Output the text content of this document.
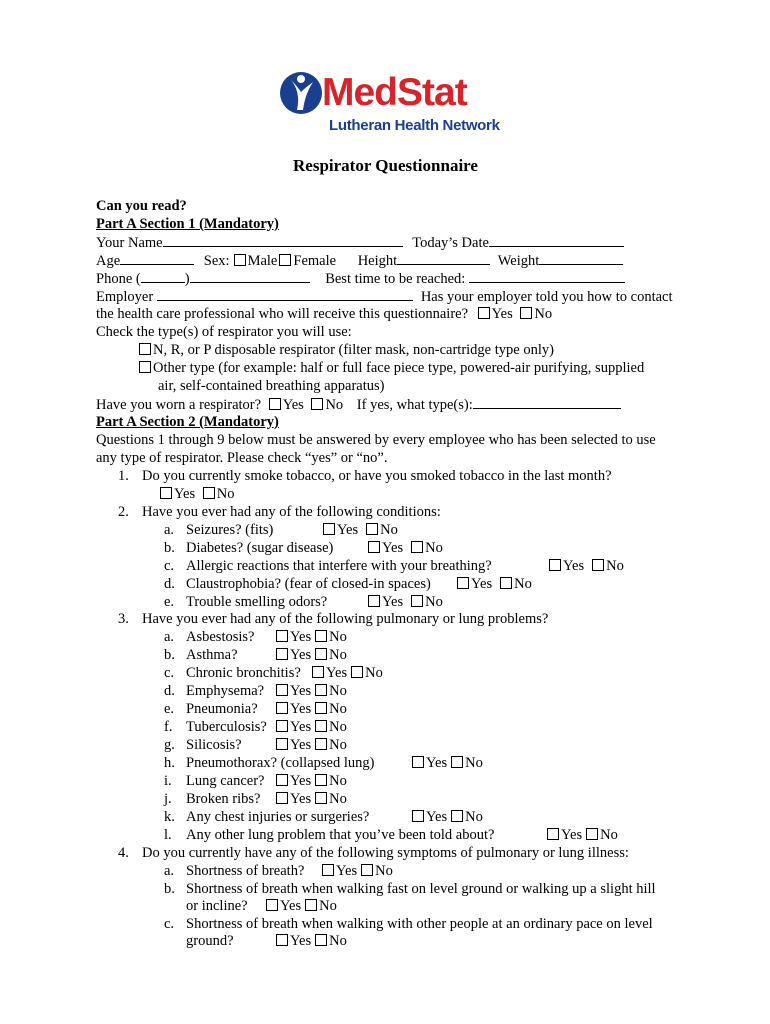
MedStat
Lutheran Health Network
Respirator Questionnaire
Can you read?
Part A Section 1 (Mandatory)
Your Name	Today’s Date
Age	Sex: Male Female Height	Weight
Phone (	)	Best time to be reached:
Employer	Has your employer told you how to contact
the health care professional who will receive this questionnaire? Yes No
Check the type(s) of respirator you will use:
N, R, or P disposable respirator (filter mask, non-cartridge type only)
Other type (for example: half or full face piece type, powered-air purifying, supplied
air, self-contained breathing apparatus)
Have you worn a respirator? Yes No If yes, what type(s):
Part A Section 2 (Mandatory)
Questions 1 through 9 below must be answered by every employee who has been selected to use
any type of respirator. Please check “yes” or “no”.
1. Do you currently smoke tobacco, or have you smoked tobacco in the last month?
Yes No
2. Have you ever had any of the following conditions:
a. Seizures? (fits)	Yes No
b. Diabetes? (sugar disease)	Yes No
c. Allergic reactions that interfere with your breathing?	Yes No
d. Claustrophobia? (fear of closed-in spaces)	Yes No
e. Trouble smelling odors?	Yes No
3. Have you ever had any of the following pulmonary or lung problems?
a. Asbestosis?	Yes No
b. Asthma?	Yes No
c. Chronic bronchitis?	Yes No
d. Emphysema?	Yes No
e. Pneumonia?	Yes No
f. Tuberculosis?	Yes No
g. Silicosis?	Yes No
h. Pneumothorax? (collapsed lung)	Yes No
i. Lung cancer?	Yes No
j. Broken ribs?	Yes No
k. Any chest injuries or surgeries?	Yes No
l. Any other lung problem that you’ve been told about?	Yes No
4. Do you currently have any of the following symptoms of pulmonary or lung illness:
a. Shortness of breath?	Yes No
b. Shortness of breath when walking fast on level ground or walking up a slight hill
or incline?	Yes No
c. Shortness of breath when walking with other people at an ordinary pace on level
ground?	Yes No
